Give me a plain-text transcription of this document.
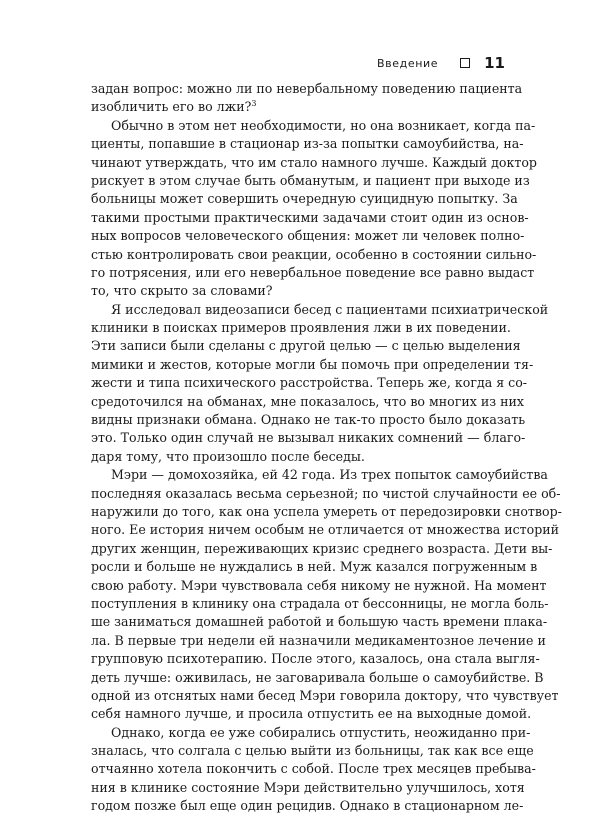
Введение	11
задан вопрос: можно ли по невербальному поведению пациента
изобличить его во лжи?$^3$
Обычно в этом нет необходимости, но она возникает, когда па-
циенты, попавшие в стационар из-за попытки самоубийства, на-
чинают утверждать, что им стало намного лучше. Каждый доктор
рискует в этом случае быть обманутым, и пациент при выходе из
больницы может совершить очередную суицидную попытку. За
такими простыми практическими задачами стоит один из основ-
ных вопросов человеческого общения: может ли человек полно-
стью контролировать свои реакции, особенно в состоянии сильно-
го потрясения, или его невербальное поведение все равно выдаст
то, что скрыто за словами?
Я исследовал видеозаписи бесед с пациентами психиатрической
клиники в поисках примеров проявления лжи в их поведении.
Эти записи были сделаны с другой целью — с целью выделения
мимики и жестов, которые могли бы помочь при определении тя-
жести и типа психического расстройства. Теперь же, когда я со-
средоточился на обманах, мне показалось, что во многих из них
видны признаки обмана. Однако не так-то просто было доказать
это. Только один случай не вызывал никаких сомнений — благо-
даря тому, что произошло после беседы.
Мэри — домохозяйка, ей 42 года. Из трех попыток самоубийства
последняя оказалась весьма серьезной; по чистой случайности ее об-
наружили до того, как она успела умереть от передозировки снотвор-
ного. Ее история ничем особым не отличается от множества историй
других женщин, переживающих кризис среднего возраста. Дети вы-
росли и больше не нуждались в ней. Муж казался погруженным в
свою работу. Мэри чувствовала себя никому не нужной. На момент
поступления в клинику она страдала от бессонницы, не могла боль-
ше заниматься домашней работой и большую часть времени плака-
ла. В первые три недели ей назначили медикаментозное лечение и
групповую психотерапию. После этого, казалось, она стала выгля-
деть лучше: оживилась, не заговаривала больше о самоубийстве. В
одной из отснятых нами бесед Мэри говорила доктору, что чувствует
себя намного лучше, и просила отпустить ее на выходные домой.
Однако, когда ее уже собирались отпустить, неожиданно при-
зналась, что солгала с целью выйти из больницы, так как все еще
отчаянно хотела покончить с собой. После трех месяцев пребыва-
ния в клинике состояние Мэри действительно улучшилось, хотя
годом позже был еще один рецидив. Однако в стационарном ле-
